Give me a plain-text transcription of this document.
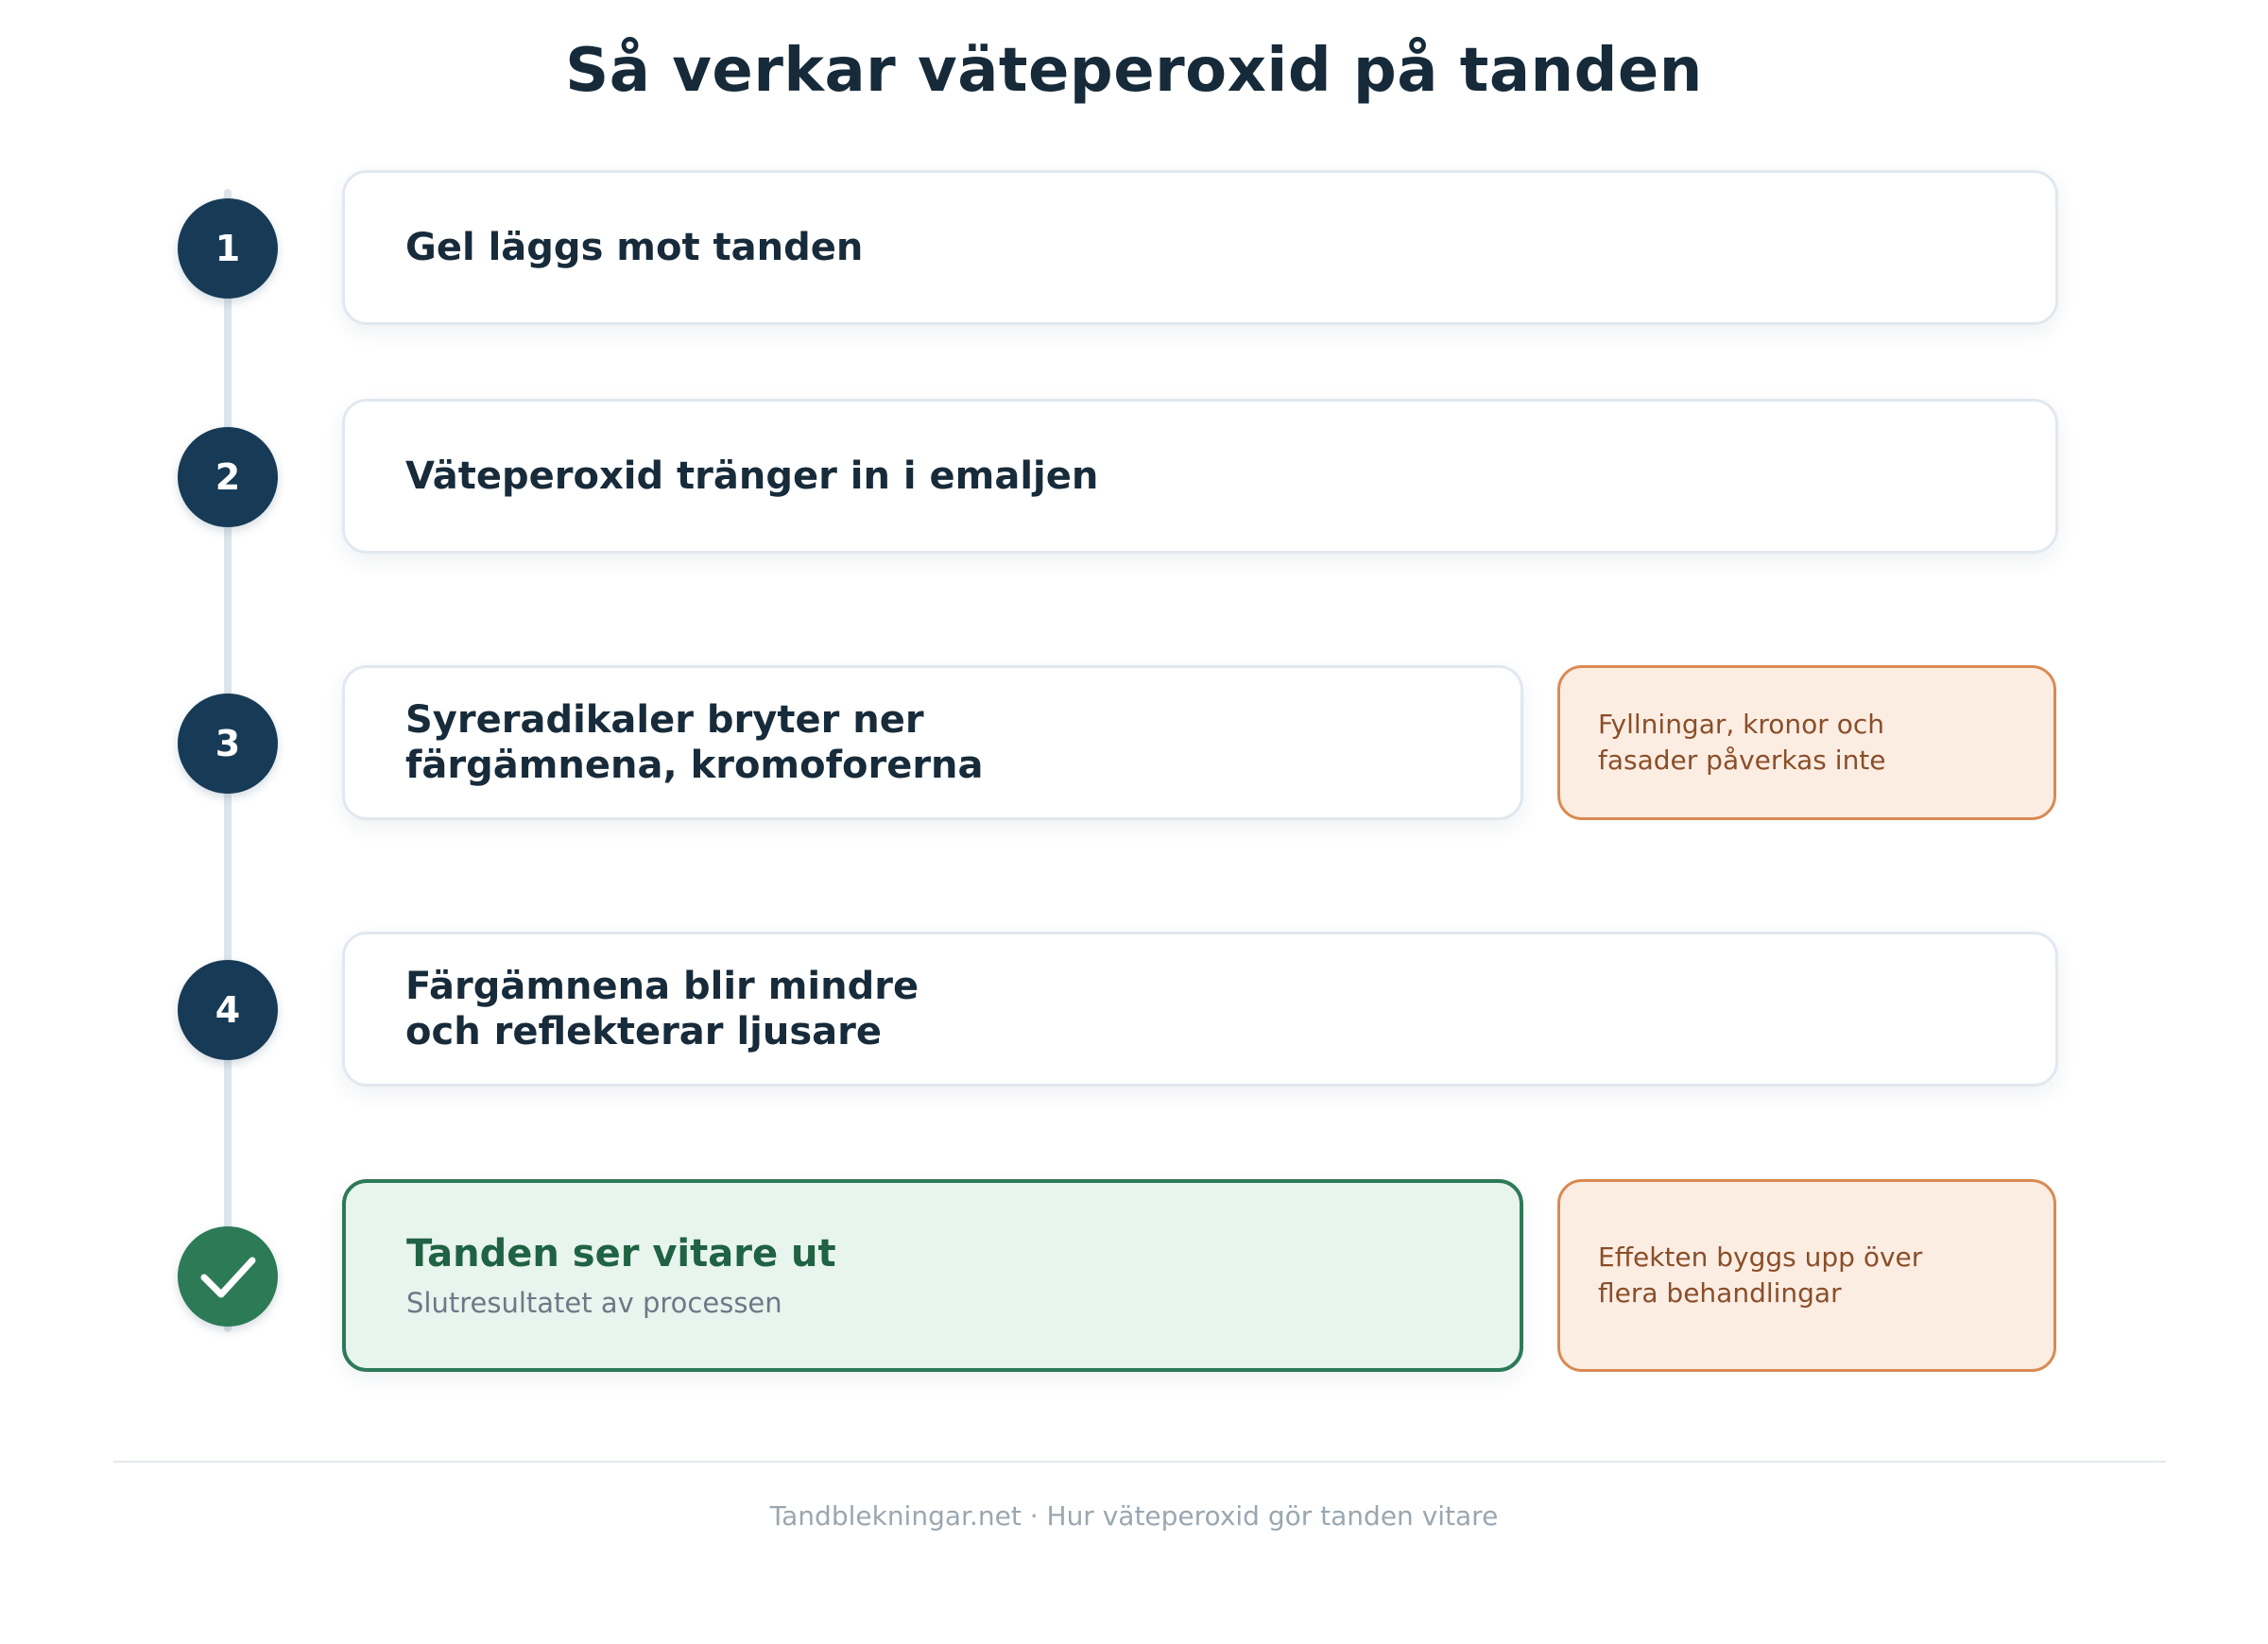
Så verkar väteperoxid på tanden
1	Gel läggs mot tanden
2	Väteperoxid tränger in i emaljen
3
Syreradikaler bryter ner
färgämnena, kromoforerna
Fyllningar, kronor och
fasader påverkas inte
4
Färgämnena blir mindre
och reflekterar ljusare
Tanden ser vitare ut
Slutresultatet av processen
Effekten byggs upp över
flera behandlingar
Tandblekningar.net · Hur väteperoxid gör tanden vitare
